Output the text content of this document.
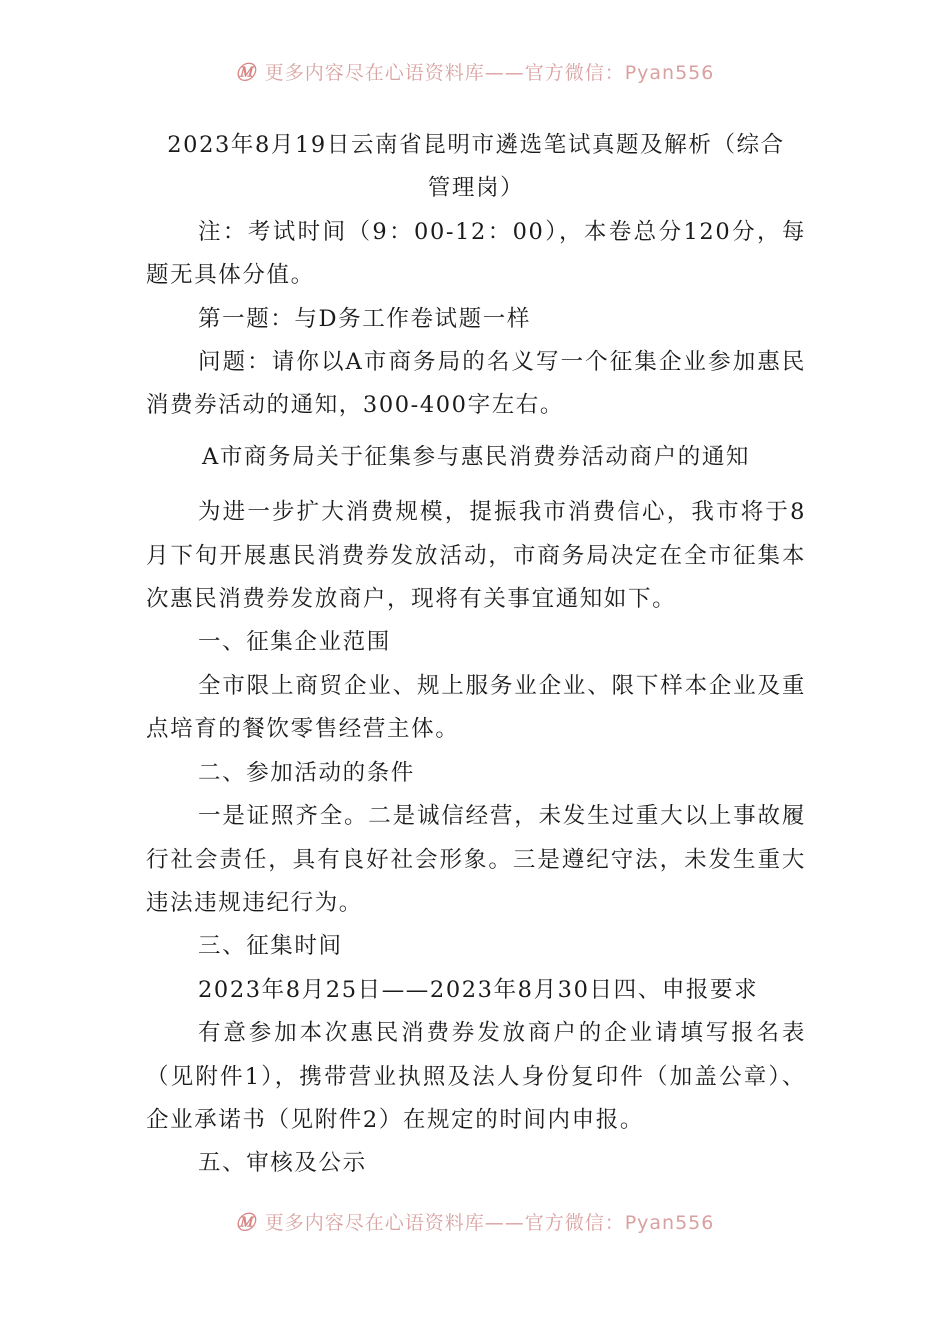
Ⓜ 更多内容尽在心语资料库——官方微信：Pyan556

2023年8月19日云南省昆明市遴选笔试真题及解析（综合

管理岗）

注：考试时间（9：00-12：00），本卷总分120分，每题无具体分值。

第一题：与D务工作卷试题一样

问题：请你以A市商务局的名义写一个征集企业参加惠民消费券活动的通知，300-400字左右。

A市商务局关于征集参与惠民消费券活动商户的通知

为进一步扩大消费规模，提振我市消费信心，我市将于8月下旬开展惠民消费券发放活动，市商务局决定在全市征集本次惠民消费券发放商户，现将有关事宜通知如下。

一、征集企业范围

全市限上商贸企业、规上服务业企业、限下样本企业及重点培育的餐饮零售经营主体。

二、参加活动的条件

一是证照齐全。二是诚信经营，未发生过重大以上事故履行社会责任，具有良好社会形象。三是遵纪守法，未发生重大违法违规违纪行为。

三、征集时间

2023年8月25日——2023年8月30日四、申报要求

有意参加本次惠民消费券发放商户的企业请填写报名表（见附件1），携带营业执照及法人身份复印件（加盖公章）、企业承诺书（见附件2）在规定的时间内申报。

五、审核及公示

Ⓜ 更多内容尽在心语资料库——官方微信：Pyan556
